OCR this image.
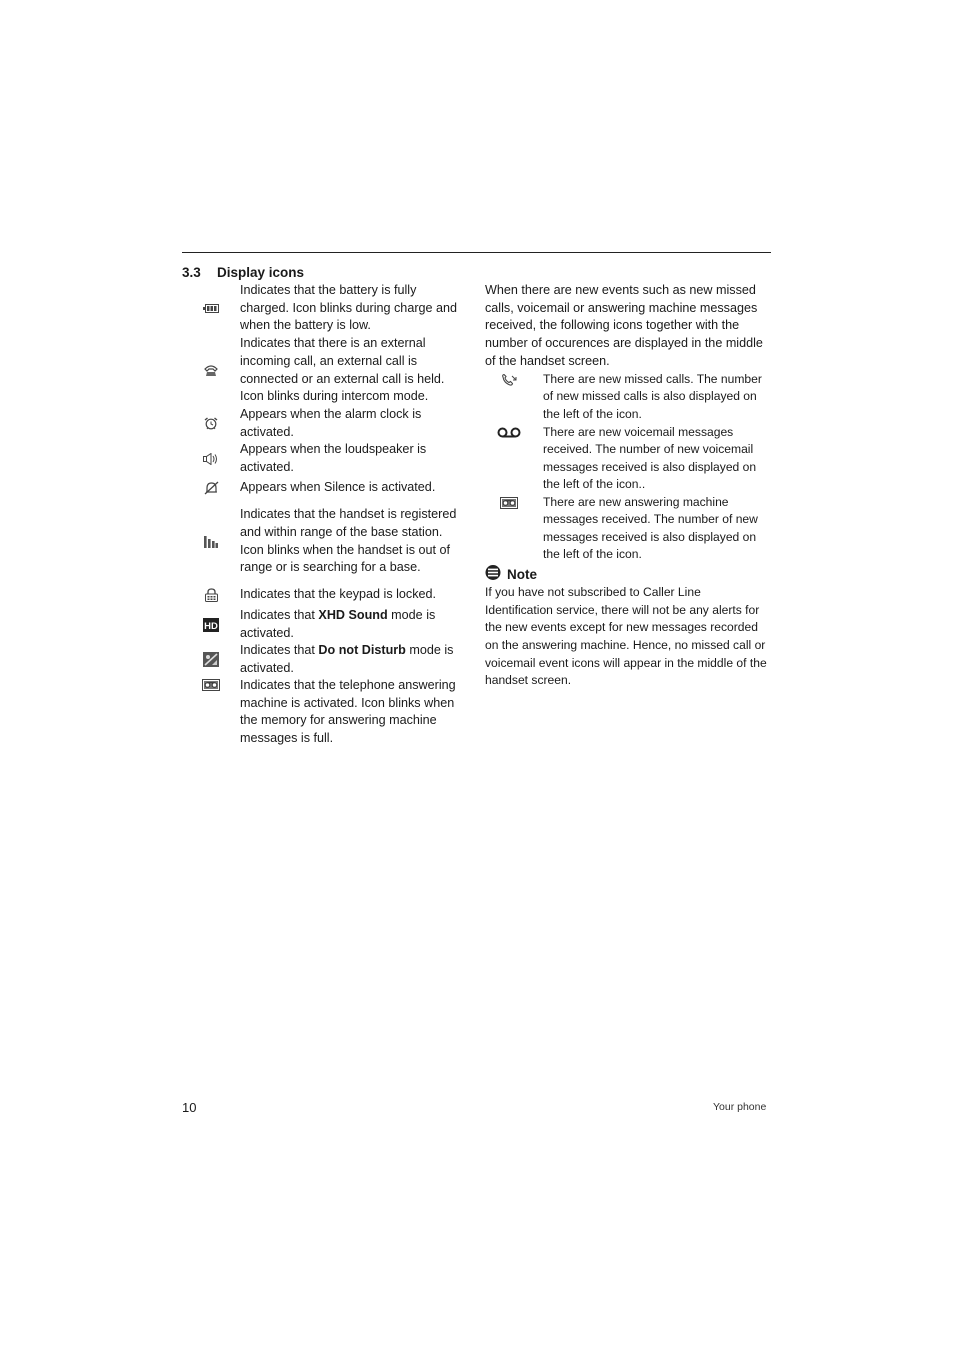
3.3 Display icons
Indicates that the battery is fully charged. Icon blinks during charge and when the battery is low.
Indicates that there is an external incoming call, an external call is connected or an external call is held. Icon blinks during intercom mode.
Appears when the alarm clock is activated.
Appears when the loudspeaker is activated.
Appears when Silence is activated.
Indicates that the handset is registered and within range of the base station. Icon blinks when the handset is out of range or is searching for a base.
Indicates that the keypad is locked.
HD
Indicates that XHD Sound mode is activated.
Indicates that Do not Disturb mode is activated.
Indicates that the telephone answering machine is activated. Icon blinks when the memory for answering machine messages is full.
When there are new events such as new missed calls, voicemail or answering machine messages received, the following icons together with the number of occurences are displayed in the middle of the handset screen.
There are new missed calls. The number of new missed calls is also displayed on the left of the icon.
There are new voicemail messages received. The number of new voicemail messages received is also displayed on the left of the icon..
There are new answering machine messages received. The number of new messages received is also displayed on the left of the icon.
Note
If you have not subscribed to Caller Line Identification service, there will not be any alerts for the new events except for new messages recorded on the answering machine. Hence, no missed call or voicemail event icons will appear in the middle of the handset screen.
10	Your phone
